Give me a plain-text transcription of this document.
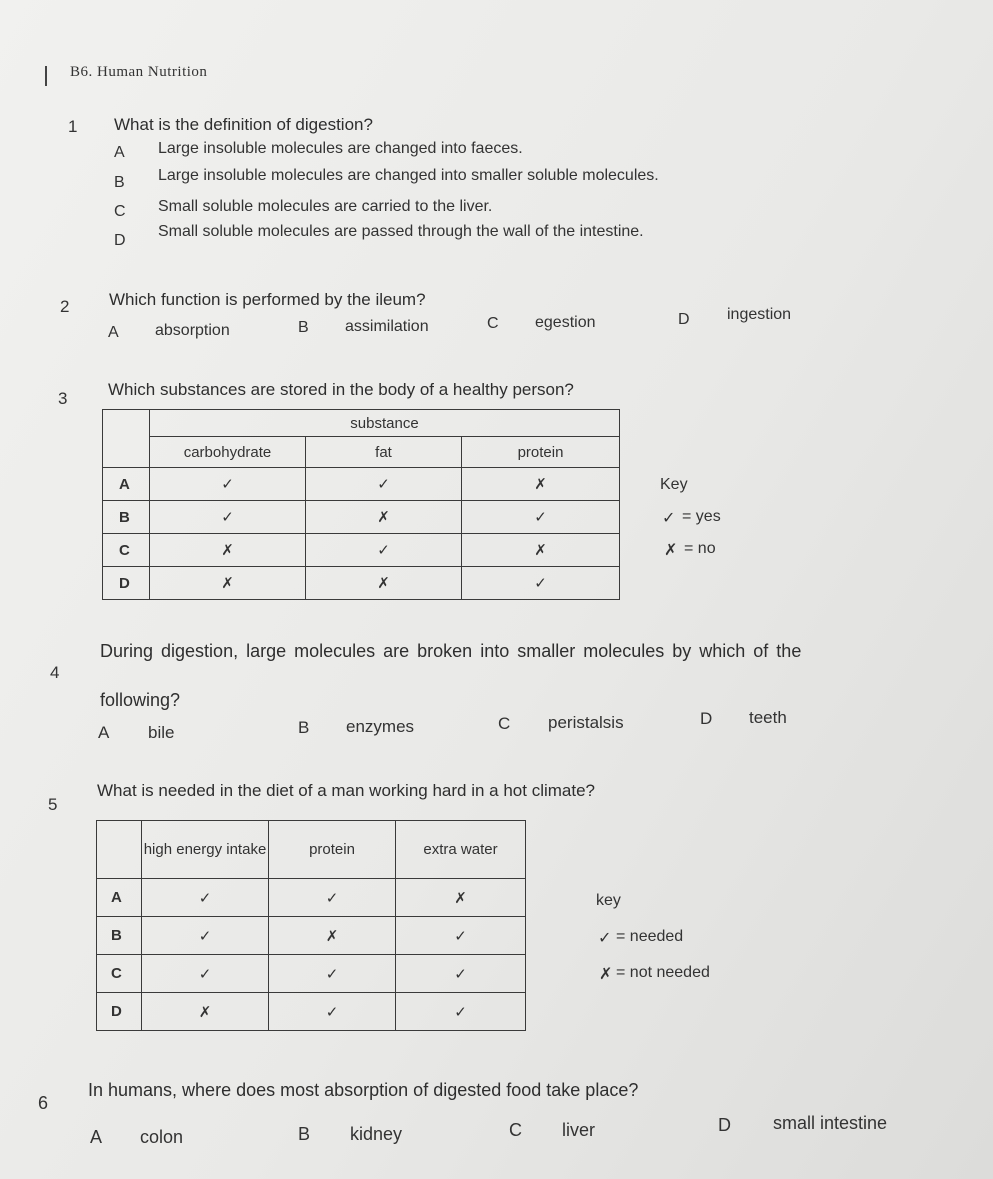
B6. Human Nutrition
1 What is the definition of digestion?
A Large insoluble molecules are changed into faeces.
B Large insoluble molecules are changed into smaller soluble molecules.
C Small soluble molecules are carried to the liver.
D
Small soluble molecules are passed through the wall of the intestine.
2 Which function is performed by the ileum?
A absorption	B assimilation	C egestion	D ingestion
3 Which substances are stored in the body of a healthy person?
	substance		
	carbohydrate	fat	protein
A	✓	✓	✗
B	✓	✗	✓
C	✗	✓	✗
D	✗	✗	✓
Key
✓ = yes
✗ = no
4
During digestion, large molecules are broken into smaller molecules by which of the
following?
A bile	B enzymes	C peristalsis	D teeth
5
What is needed in the diet of a man working hard in a hot climate?
	high energy intake	protein	extra water
A	✓	✓	✗
B	✓	✗	✓
C	✓	✓	✓
D	✗	✓	✓
key
✓ = needed
✗ = not needed
6
In humans, where does most absorption of digested food take place?
A colon	B kidney	C liver	D small intestine
